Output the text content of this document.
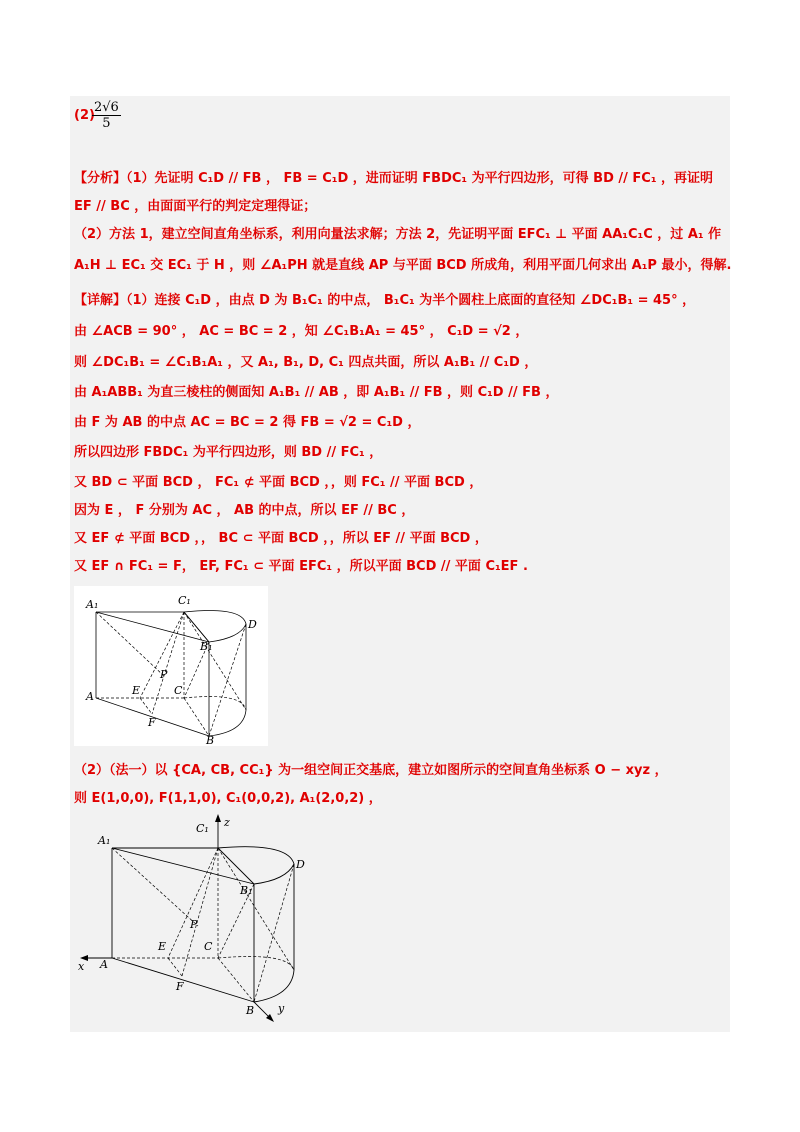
(2)
$\frac{2√6}{5}$
【分析】（1）先证明 C₁D // FB ， FB = C₁D ，进而证明 FBDC₁ 为平行四边形，可得 BD // FC₁ ，再证明
EF // BC ，由面面平行的判定定理得证；
（2）方法 1，建立空间直角坐标系，利用向量法求解；方法 2，先证明平面 EFC₁ ⊥ 平面 AA₁C₁C ，过 A₁ 作
A₁H ⊥ EC₁ 交 EC₁ 于 H ，则 ∠A₁PH 就是直线 AP 与平面 BCD 所成角，利用平面几何求出 A₁P 最小，得解.
【详解】（1）连接 C₁D ，由点 D 为 B₁C₁ 的中点， B₁C₁ 为半个圆柱上底面的直径知 ∠DC₁B₁ = 45° ，
由 ∠ACB = 90° ， AC = BC = 2 ，知 ∠C₁B₁A₁ = 45° ， C₁D = √2 ，
则 ∠DC₁B₁ = ∠C₁B₁A₁ ，又 A₁, B₁, D, C₁ 四点共面，所以 A₁B₁ // C₁D ，
由 A₁ABB₁ 为直三棱柱的侧面知 A₁B₁ // AB ，即 A₁B₁ // FB ，则 C₁D // FB ，
由 F 为 AB 的中点 AC = BC = 2 得 FB = √2 = C₁D ，
所以四边形 FBDC₁ 为平行四边形，则 BD // FC₁ ，
又 BD ⊂ 平面 BCD ， FC₁ ⊄ 平面 BCD ，，则 FC₁ // 平面 BCD ，
因为 E ， F 分别为 AC ， AB 的中点，所以 EF // BC ，
又 EF ⊄ 平面 BCD ，， BC ⊂ 平面 BCD ，，所以 EF // 平面 BCD ，
又 EF ∩ FC₁ = F， EF, FC₁ ⊂ 平面 EFC₁ ，所以平面 BCD // 平面 C₁EF .
A₁	C₁
D
B₁
P
E	C
A
F
B
（2）（法一）以 {CA, CB, CC₁} 为一组空间正交基底，建立如图所示的空间直角坐标系 O − xyz ，
则 E(1,0,0), F(1,1,0), C₁(0,0,2), A₁(2,0,2) ，
A₁
C₁ z
D
B₁
P
E	C
x A
F
B y
